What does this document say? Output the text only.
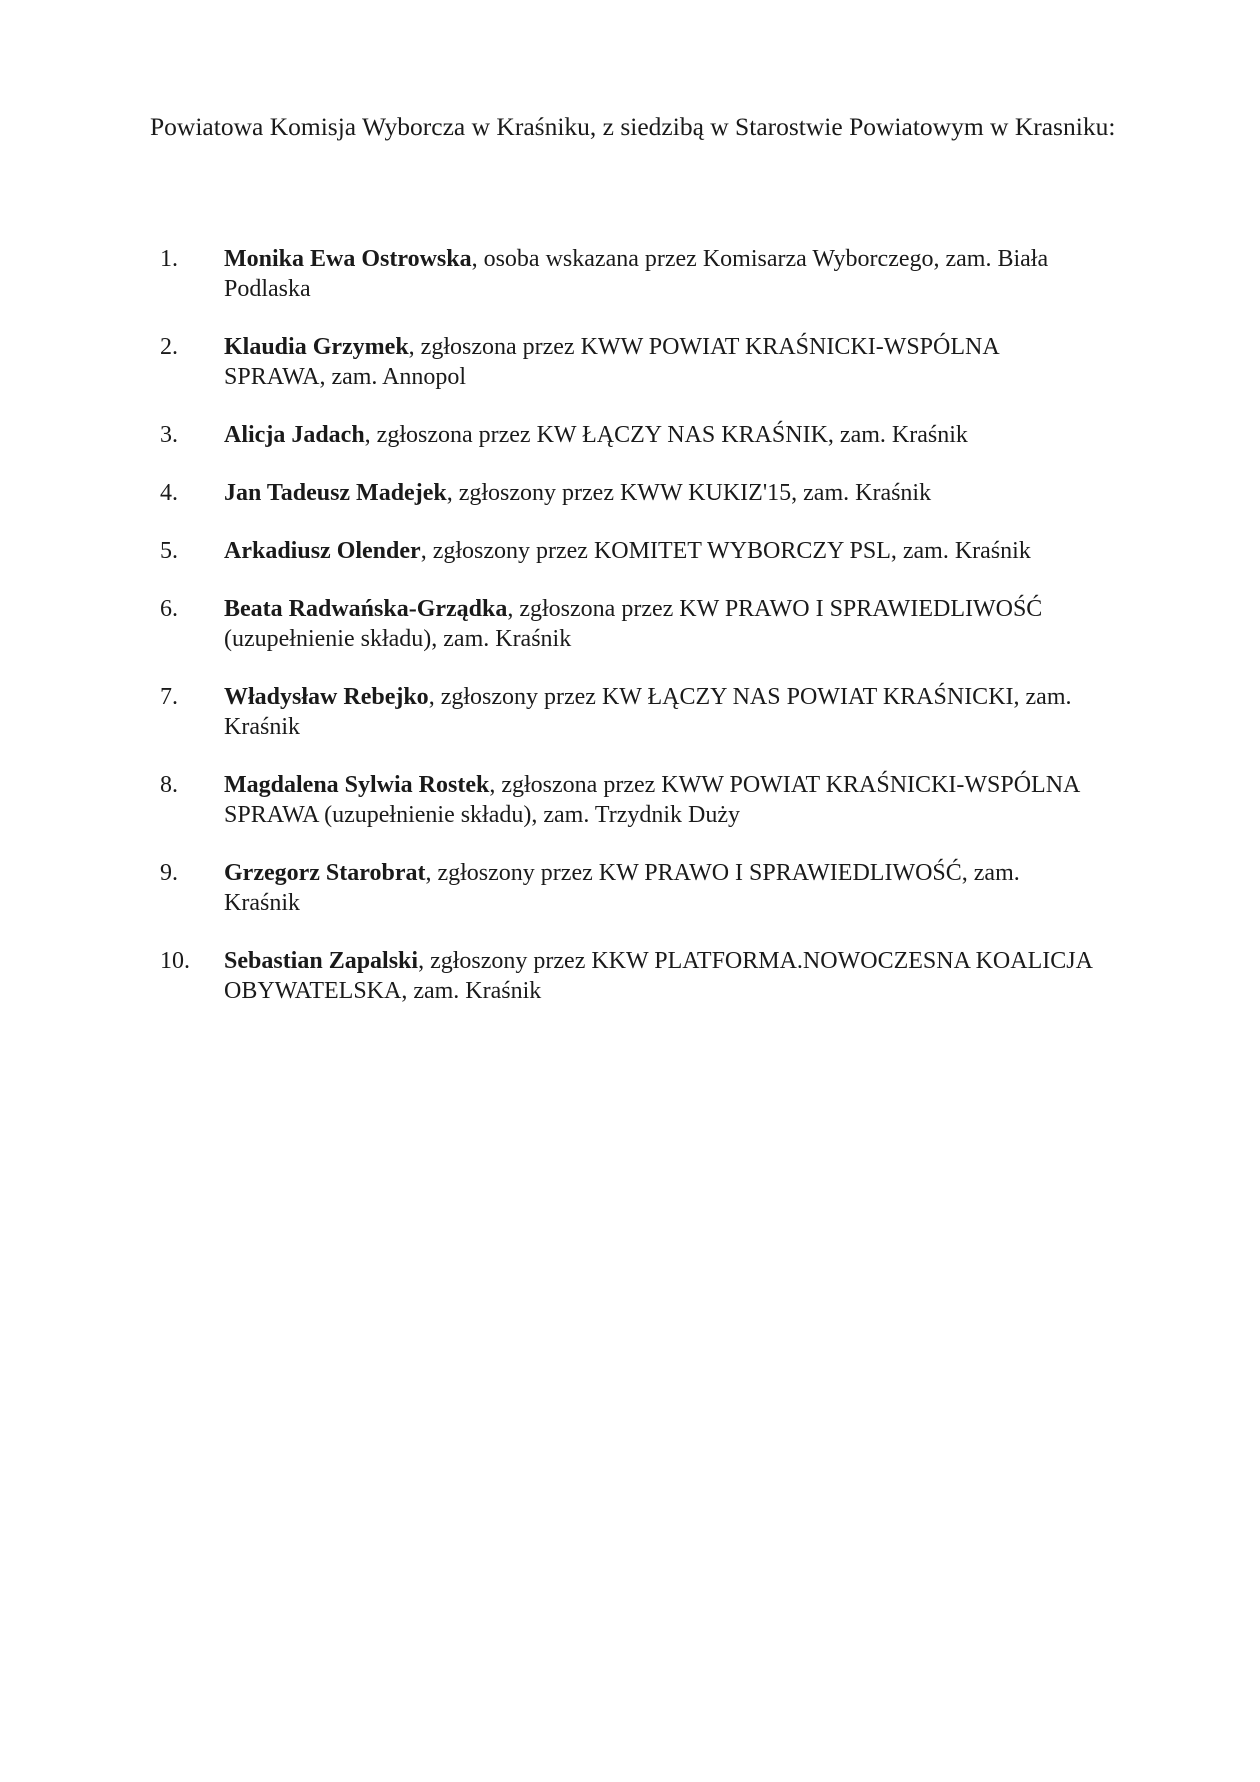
Powiatowa Komisja Wyborcza w Kraśniku, z siedzibą w Starostwie Powiatowym w Krasniku:

1. Monika Ewa Ostrowska, osoba wskazana przez Komisarza Wyborczego, zam. Biała Podlaska
2. Klaudia Grzymek, zgłoszona przez KWW POWIAT KRAŚNICKI-WSPÓLNA SPRAWA, zam. Annopol
3. Alicja Jadach, zgłoszona przez KW ŁĄCZY NAS KRAŚNIK, zam. Kraśnik
4. Jan Tadeusz Madejek, zgłoszony przez KWW KUKIZ'15, zam. Kraśnik
5. Arkadiusz Olender, zgłoszony przez KOMITET WYBORCZY PSL, zam. Kraśnik
6. Beata Radwańska-Grządka, zgłoszona przez KW PRAWO I SPRAWIEDLIWOŚĆ (uzupełnienie składu), zam. Kraśnik
7. Władysław Rebejko, zgłoszony przez KW ŁĄCZY NAS POWIAT KRAŚNICKI, zam. Kraśnik
8. Magdalena Sylwia Rostek, zgłoszona przez KWW POWIAT KRAŚNICKI-WSPÓLNA SPRAWA (uzupełnienie składu), zam. Trzydnik Duży
9. Grzegorz Starobrat, zgłoszony przez KW PRAWO I SPRAWIEDLIWOŚĆ, zam. Kraśnik
10. Sebastian Zapalski, zgłoszony przez KKW PLATFORMA.NOWOCZESNA KOALICJA OBYWATELSKA, zam. Kraśnik
